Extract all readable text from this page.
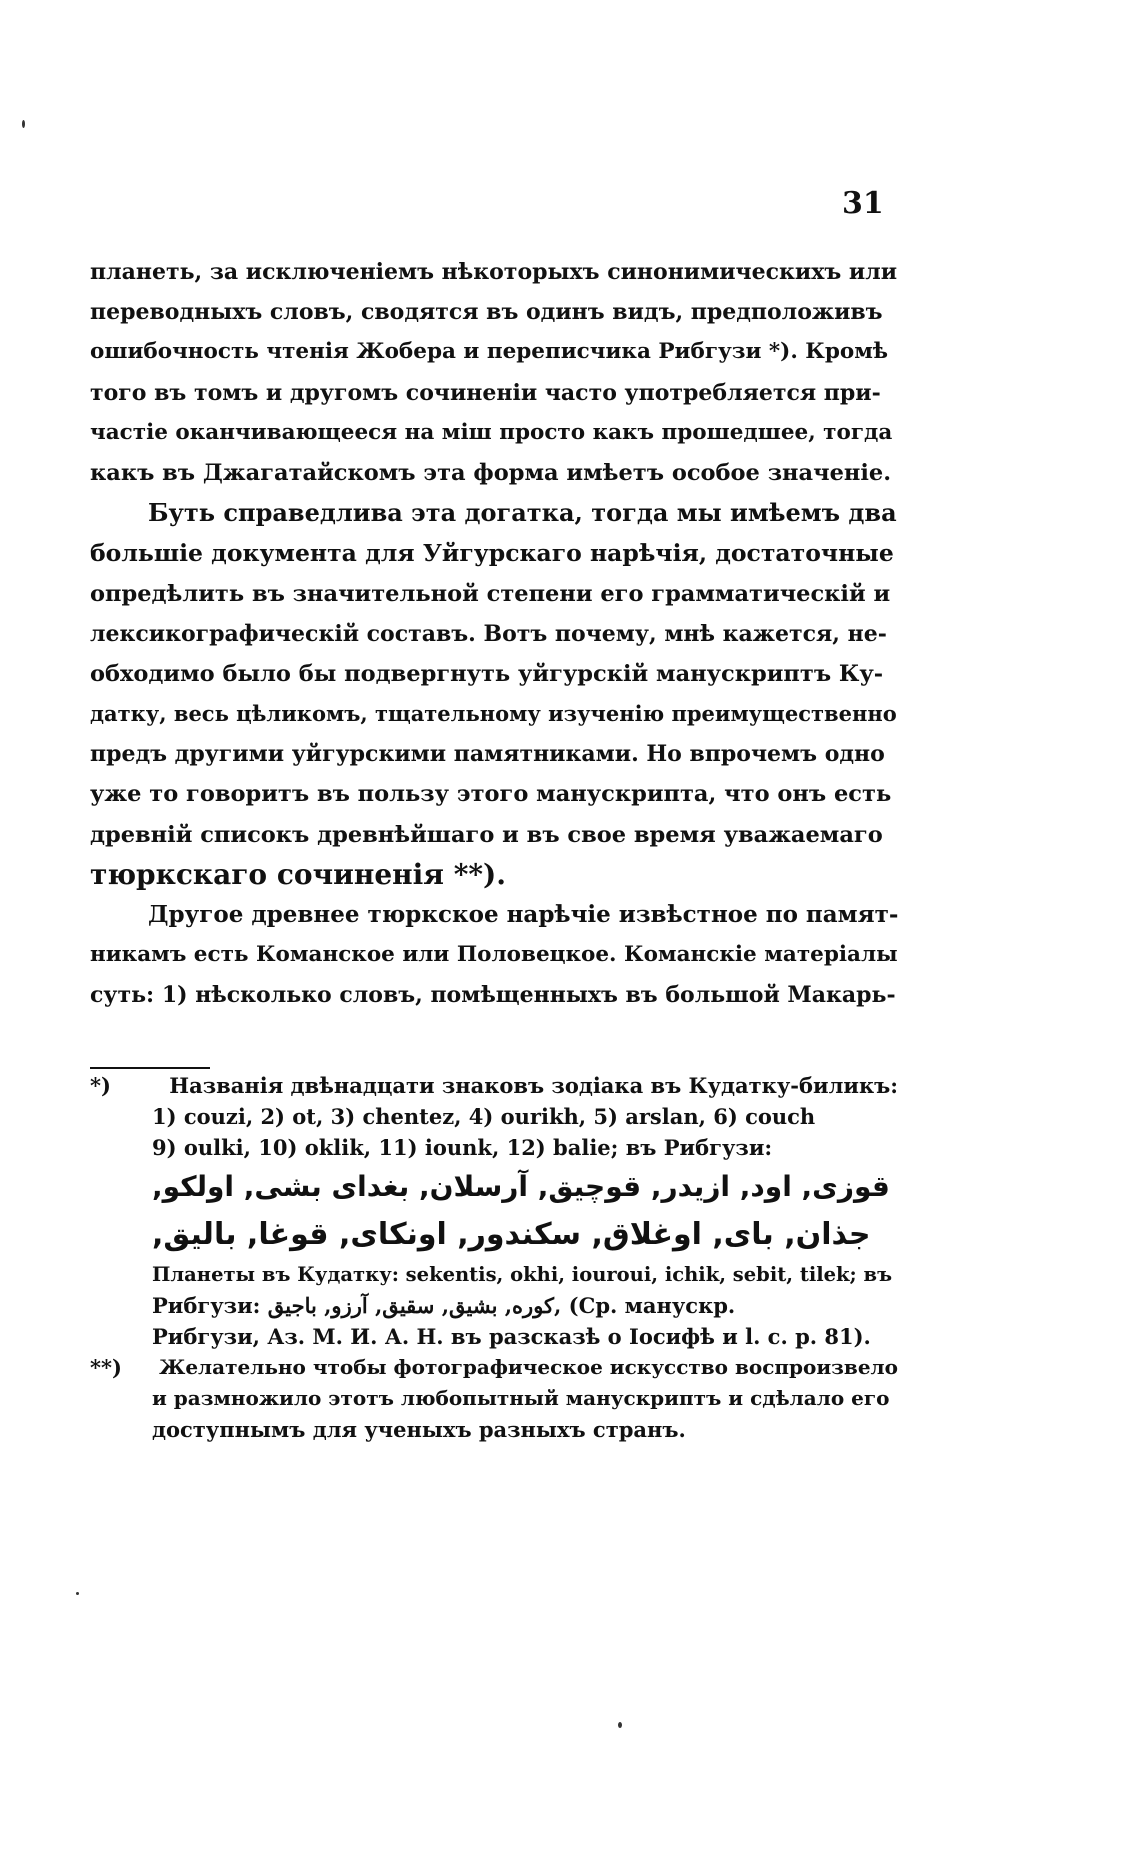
31
планеть, за исключеніемъ нѣкоторыхъ синонимическихъ или
переводныхъ словъ, сводятся въ одинъ видъ, предположивъ
ошибочность чтенія Жобера и переписчика Рибгузи *). Кромѣ
того въ томъ и другомъ сочиненіи часто употребляется при-
частіе оканчивающееся на мiш просто какъ прошедшее, тогда
какъ въ Джагатайскомъ эта форма имѣетъ особое значеніе.
Буть справедлива эта догатка, тогда мы имѣемъ два
большіе документа для Уйгурскаго нарѣчія, достаточные
опредѣлить въ значительной степени его грамматическій и
лексикографическій составъ. Вотъ почему, мнѣ кажется, не-
обходимо было бы подвергнуть уйгурскій манускриптъ Ку-
датку, весь цѣликомъ, тщательному изученію преимущественно
предъ другими уйгурскими памятниками. Но впрочемъ одно
уже то говоритъ въ пользу этого манускрипта, что онъ есть
древній списокъ древнѣйшаго и въ свое время уважаемаго
тюркскаго сочиненія **).
Другое древнее тюркское нарѣчіе извѣстное по памят-
никамъ есть Команское или Половецкое. Команскіе матеріалы
суть: 1) нѣсколько словъ, помѣщенныхъ въ большой Макарь-
*)	Названія двѣнадцати знаковъ зодіака въ Кудатку-биликъ:
1) couzi, 2) ot, 3) chentez, 4) ourikh, 5) arslan, 6) couch
9) oulki, 10) oklik, 11) iounk, 12) balie; въ Рибгузи:
قوزى, اود, ازيدر, قوچيق, آرسلان, بغداى بشى, اولكو,
جذان, باى, اوغلاق, سكندور, اونكاى, قوغا, باليق,
Планеты въ Кудатку: sekentis, okhi, iouroui, ichik, sebit, tilek; въ
Рибгузи: كوره, بشيق, سقيق, آرزو, باجيق, (Ср. манускр.
Рибгузи, Аз. М. И. А. Н. въ разсказѣ о Іосифѣ и l. c. p. 81).
**)	Желательно чтобы фотографическое искусство воспроизвело
и размножило этотъ любопытный манускриптъ и сдѣлало его
доступнымъ для ученыхъ разныхъ странъ.
